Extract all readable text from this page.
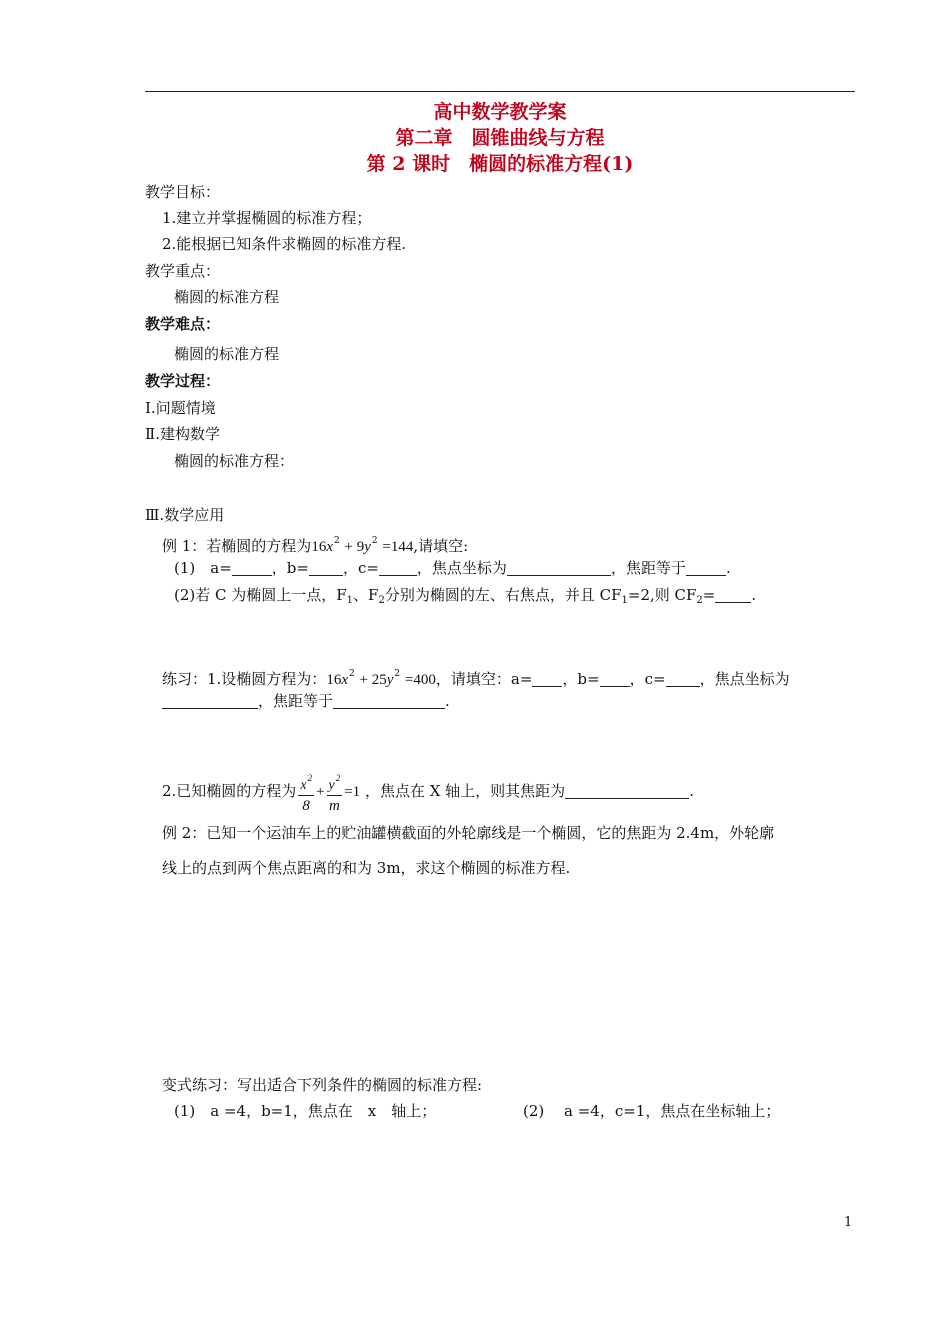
高中数学教学案
第二章　圆锥曲线与方程
第 2 课时　椭圆的标准方程(1)
教学目标：
1.建立并掌握椭圆的标准方程；
2.能根据已知条件求椭圆的标准方程.
教学重点：
椭圆的标准方程
教学难点：
椭圆的标准方程
教学过程：
Ⅰ.问题情境
Ⅱ.建构数学
椭圆的标准方程：
Ⅲ.数学应用
例 1：若椭圆的方程为$16x^2 + 9y^2 =144$,请填空:
(1)　a=	，b= ，c=	，焦点坐标为	，焦距等于	.
(2)若 C 为椭圆上一点，$F_1$、$F_2$分别为椭圆的左、右焦点，并且 $CF_1=2$,则 $CF_2=$ .
练习：1.设椭圆方程为：$16x^2 + 25y^2 =400$，请填空：a= ，b= ，c= ，焦点坐标为
，焦距等于	.
2.已知椭圆的方程为 $\frac{x^2}{8} + \frac{y^2}{m} =1$ ，焦点在 X 轴上，则其焦距为	.
例 2：已知一个运油车上的贮油罐横截面的外轮廓线是一个椭圆，它的焦距为 2.4m，外轮廓
线上的点到两个焦点距离的和为 3m，求这个椭圆的标准方程.
变式练习：写出适合下列条件的椭圆的标准方程:
(1)　a =4，b=1，焦点在　x　轴上；	(2)　 a =4，c=1，焦点在坐标轴上；
1
